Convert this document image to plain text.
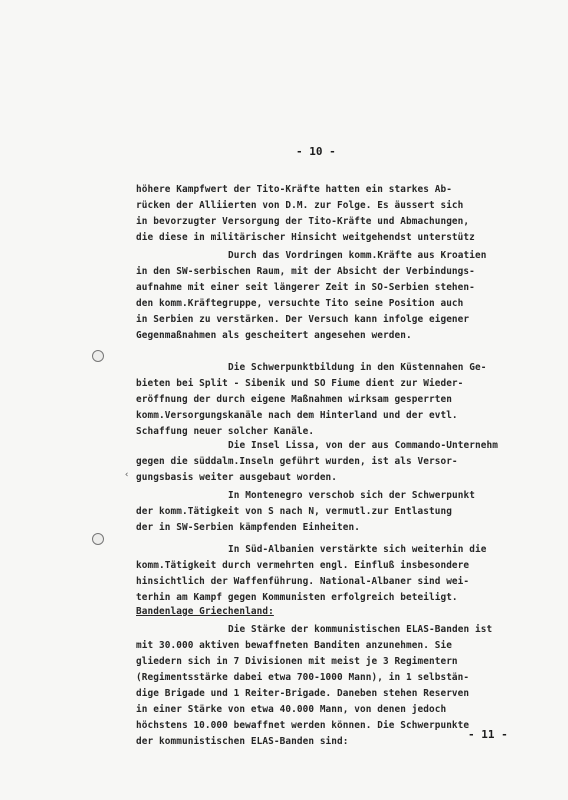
- 10 -
höhere Kampfwert der Tito-Kräfte hatten ein starkes Ab-
rücken der Alliierten von D.M. zur Folge. Es äussert sich
in bevorzugter Versorgung der Tito-Kräfte und Abmachungen,
die diese in militärischer Hinsicht weitgehendst unterstütz
Durch das Vordringen komm.Kräfte aus Kroatien
in den SW-serbischen Raum, mit der Absicht der Verbindungs-
aufnahme mit einer seit längerer Zeit in SO-Serbien stehen-
den komm.Kräftegruppe, versuchte Tito seine Position auch
in Serbien zu verstärken. Der Versuch kann infolge eigener
Gegenmaßnahmen als gescheitert angesehen werden.
Die Schwerpunktbildung in den Küstennahen Ge-
bieten bei Split - Sibenik und SO Fiume dient zur Wieder-
eröffnung der durch eigene Maßnahmen wirksam gesperrten
komm.Versorgungskanäle nach dem Hinterland und der evtl.
Schaffung neuer solcher Kanäle.
Die Insel Lissa, von der aus Commando-Unternehm
gegen die süddalm.Inseln geführt wurden, ist als Versor-
gungsbasis weiter ausgebaut worden.
In Montenegro verschob sich der Schwerpunkt
der komm.Tätigkeit von S nach N, vermutl.zur Entlastung
der in SW-Serbien kämpfenden Einheiten.
In Süd-Albanien verstärkte sich weiterhin die
komm.Tätigkeit durch vermehrten engl. Einfluß insbesondere
hinsichtlich der Waffenführung. National-Albaner sind wei-
terhin am Kampf gegen Kommunisten erfolgreich beteiligt.
Bandenlage Griechenland:
Die Stärke der kommunistischen ELAS-Banden ist
mit 30.000 aktiven bewaffneten Banditen anzunehmen. Sie
gliedern sich in 7 Divisionen mit meist je 3 Regimentern
(Regimentsstärke dabei etwa 700-1000 Mann), in 1 selbstän-
dige Brigade und 1 Reiter-Brigade. Daneben stehen Reserven
in einer Stärke von etwa 40.000 Mann, von denen jedoch
höchstens 10.000 bewaffnet werden können. Die Schwerpunkte
der kommunistischen ELAS-Banden sind:
- 11 -
‹
